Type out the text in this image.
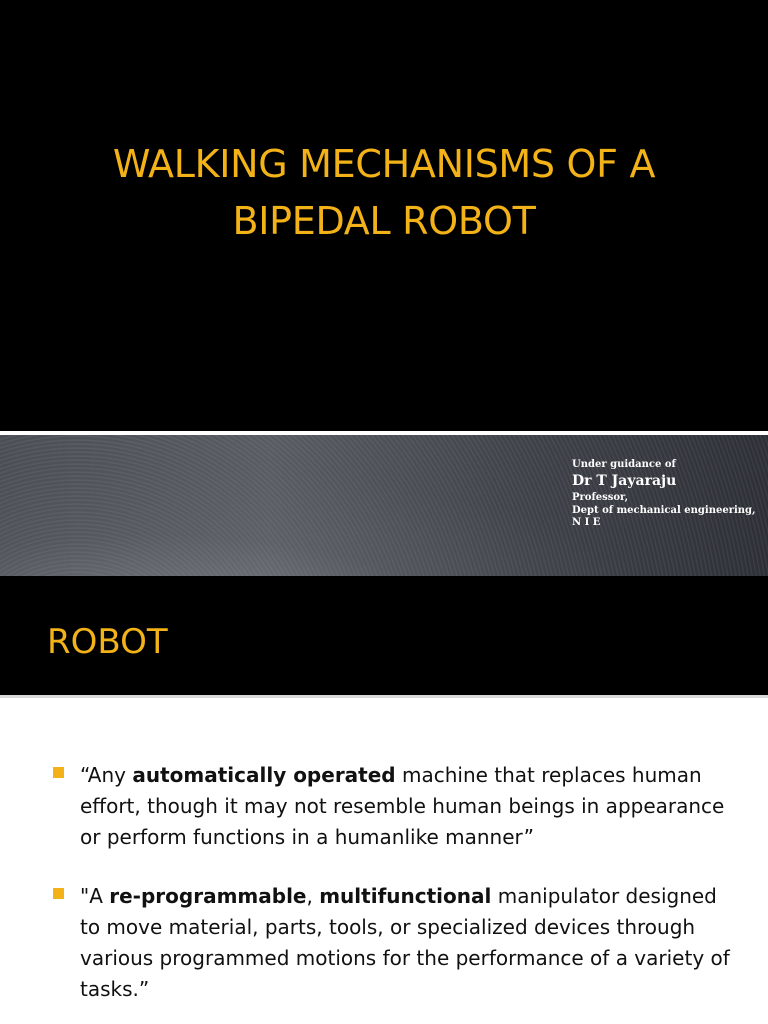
WALKING MECHANISMS OF A
BIPEDAL ROBOT
Under guidance of
Dr T Jayaraju
Professor,
Dept of mechanical engineering,
N I E
ROBOT
“Any automatically operated machine that replaces human effort, though it may not resemble human beings in appearance or perform functions in a humanlike manner”
"A re-programmable, multifunctional manipulator designed to move material, parts, tools, or specialized devices through various programmed motions for the performance of a variety of tasks.”
